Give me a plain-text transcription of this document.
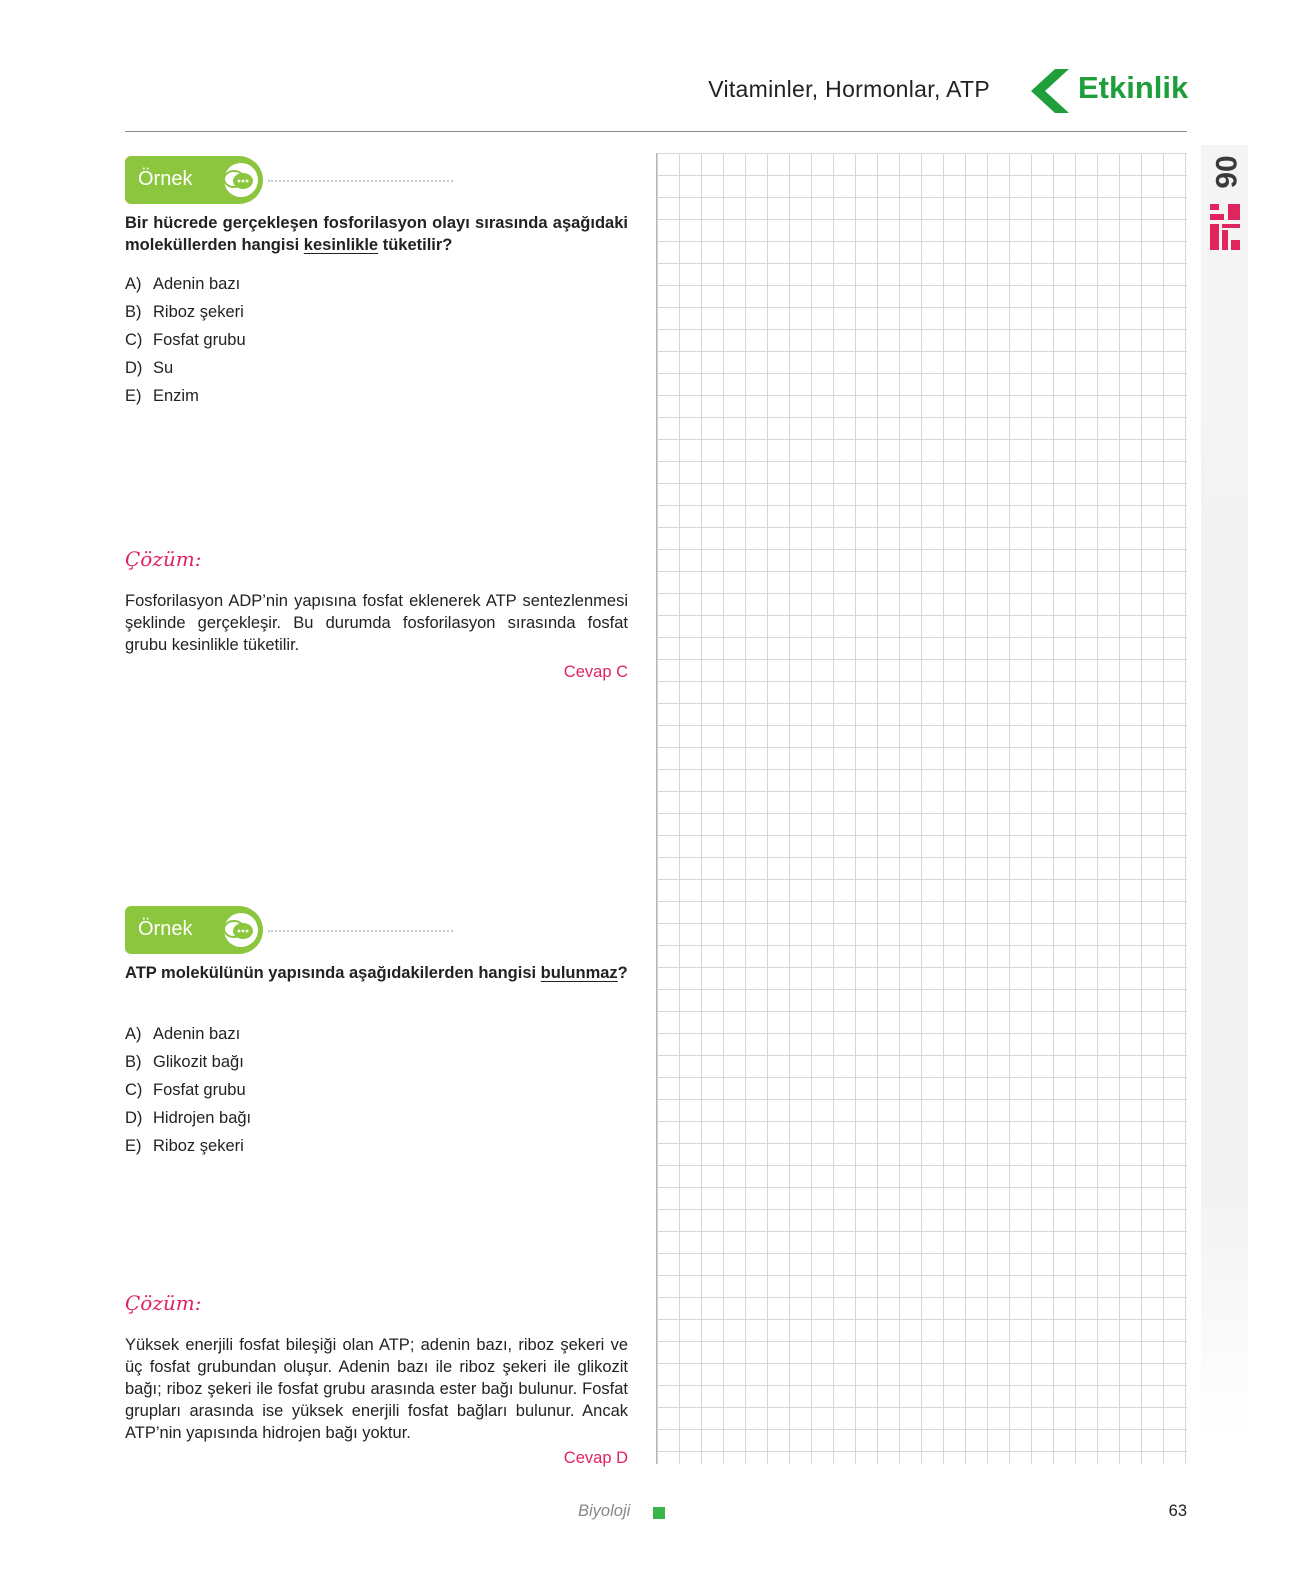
Vitaminler, Hormonlar, ATP	Etkinlik
06
Örnek
Bir hücrede gerçekleşen fosforilasyon olayı sırasında aşağıdaki moleküllerden hangisi kesinlikle tüketilir?
A) Adenin bazı
B) Riboz şekeri
C) Fosfat grubu
D) Su
E) Enzim
Çözüm:
Fosforilasyon ADP’nin yapısına fosfat eklenerek ATP sentezlenmesi şeklinde gerçekleşir. Bu durumda fosforilasyon sırasında fosfat grubu kesinlikle tüketilir.
Cevap C
Örnek
ATP molekülünün yapısında aşağıdakilerden hangisi bulunmaz?
A) Adenin bazı
B) Glikozit bağı
C) Fosfat grubu
D) Hidrojen bağı
E) Riboz şekeri
Çözüm:
Yüksek enerjili fosfat bileşiği olan ATP; adenin bazı, riboz şekeri ve üç fosfat grubundan oluşur. Adenin bazı ile riboz şekeri ile glikozit bağı; riboz şekeri ile fosfat grubu arasında ester bağı bulunur. Fosfat grupları arasında ise yüksek enerjili fosfat bağları bulunur. Ancak ATP’nin yapısında hidrojen bağı yoktur.
Cevap D
Biyoloji	63
